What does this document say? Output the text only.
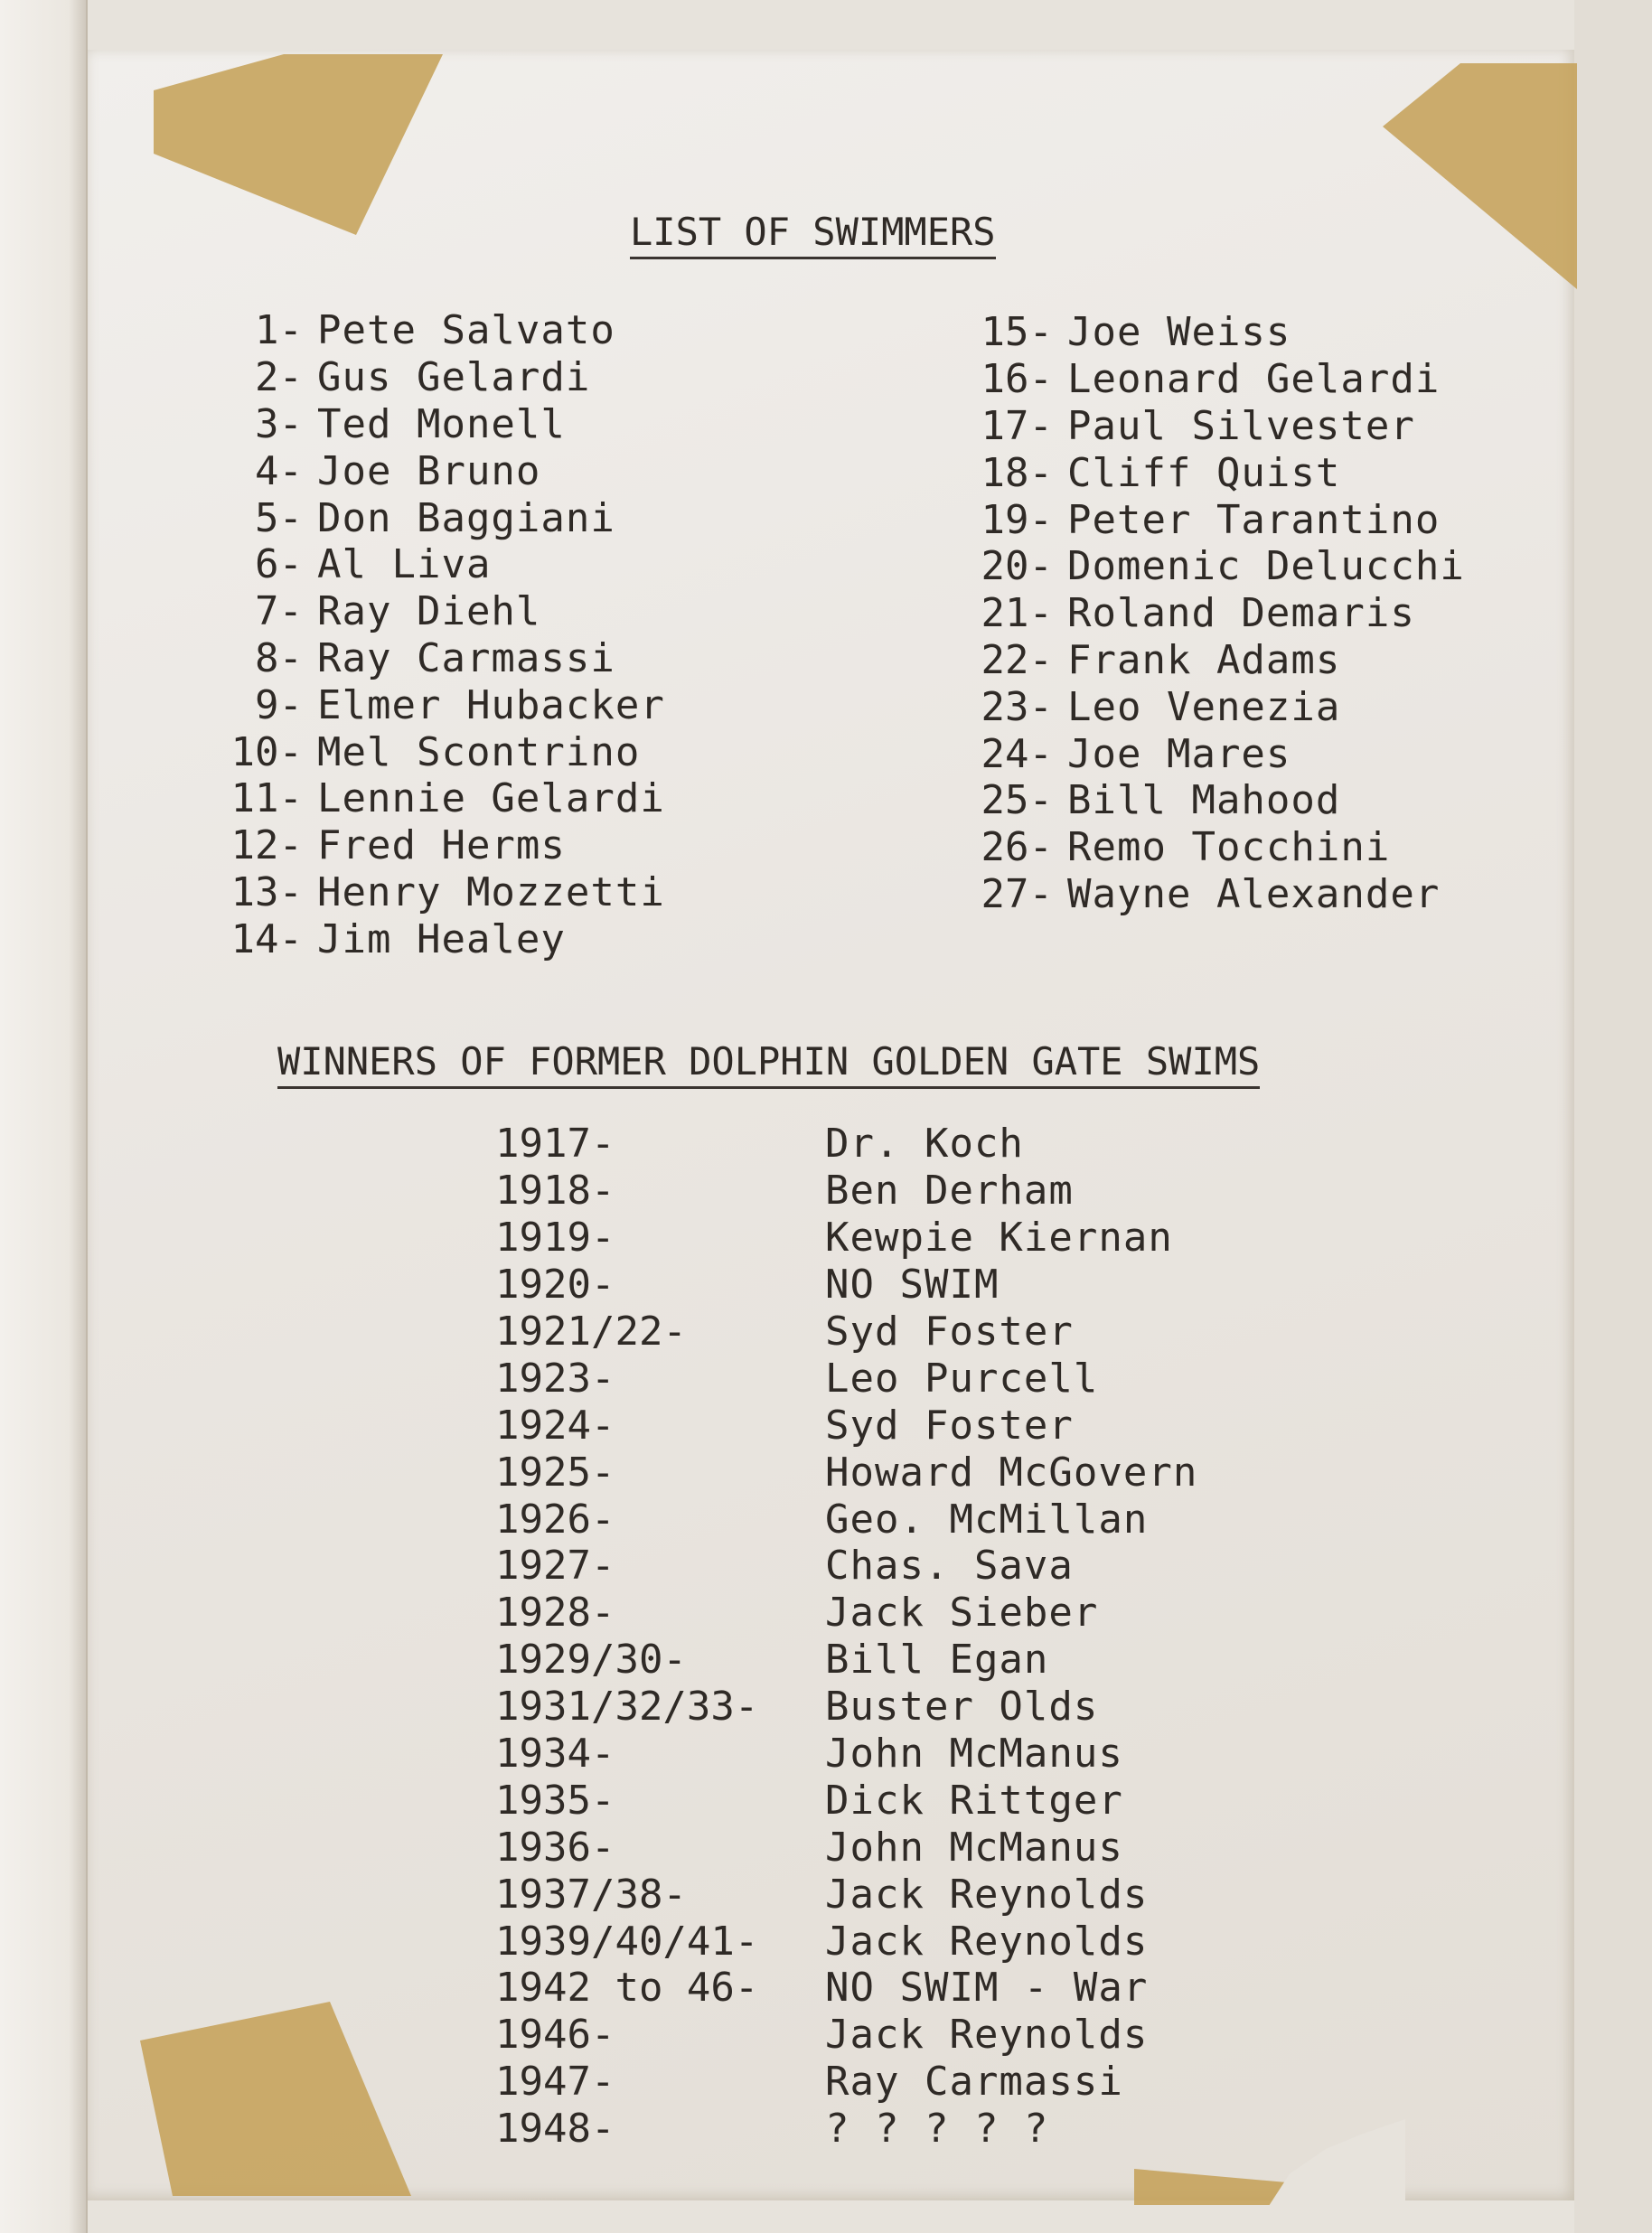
LIST OF SWIMMERS
1- Pete Salvato
2- Gus Gelardi
3- Ted Monell
4- Joe Bruno
5- Don Baggiani
6- Al Liva
7- Ray Diehl
8- Ray Carmassi
9- Elmer Hubacker
10- Mel Scontrino
11- Lennie Gelardi
12- Fred Herms
13- Henry Mozzetti
14- Jim Healey
15- Joe Weiss
16- Leonard Gelardi
17- Paul Silvester
18- Cliff Quist
19- Peter Tarantino
20- Domenic Delucchi
21- Roland Demaris
22- Frank Adams
23- Leo Venezia
24- Joe Mares
25- Bill Mahood
26- Remo Tocchini
27- Wayne Alexander
WINNERS OF FORMER DOLPHIN GOLDEN GATE SWIMS
1917-	Dr. Koch
1918-	Ben Derham
1919-	Kewpie Kiernan
1920-	NO SWIM
1921/22-	Syd Foster
1923-	Leo Purcell
1924-	Syd Foster
1925-	Howard McGovern
1926-	Geo. McMillan
1927-	Chas. Sava
1928-	Jack Sieber
1929/30-	Bill Egan
1931/32/33-	Buster Olds
1934-	John McManus
1935-	Dick Rittger
1936-	John McManus
1937/38-	Jack Reynolds
1939/40/41-	Jack Reynolds
1942 to 46-	NO SWIM - War
1946-	Jack Reynolds
1947-	Ray Carmassi
1948-	? ? ? ? ?
